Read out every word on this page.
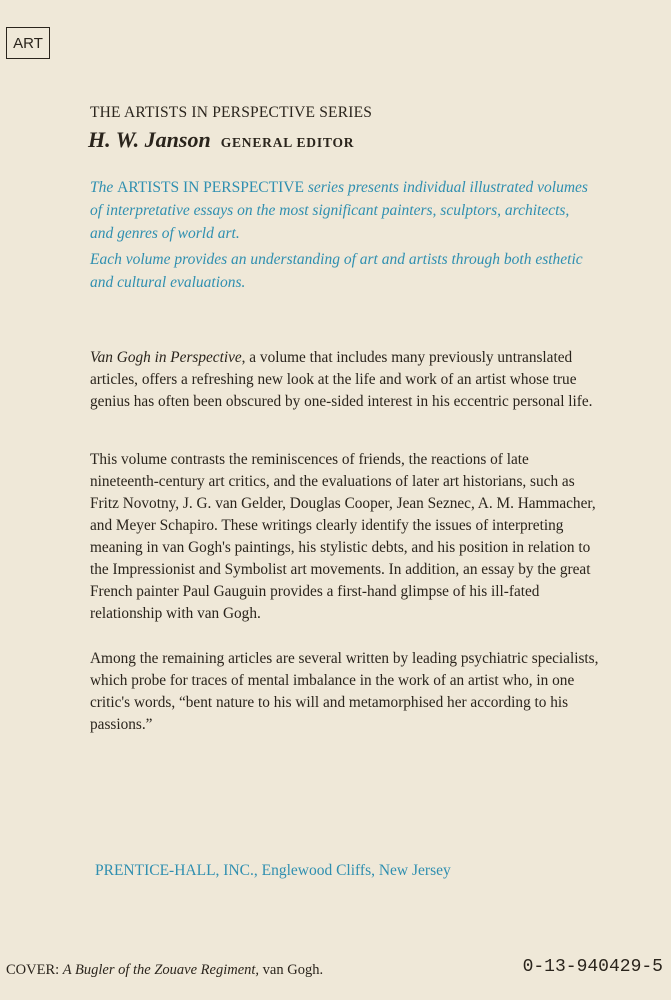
ART
THE ARTISTS IN PERSPECTIVE SERIES
H. W. Janson GENERAL EDITOR
The ARTISTS IN PERSPECTIVE series presents individual illustrated volumes of interpretative essays on the most significant painters, sculptors, architects, and genres of world art.
Each volume provides an understanding of art and artists through both esthetic and cultural evaluations.
Van Gogh in Perspective, a volume that includes many previously untranslated articles, offers a refreshing new look at the life and work of an artist whose true genius has often been obscured by one-sided interest in his eccentric personal life.
This volume contrasts the reminiscences of friends, the reactions of late nineteenth-century art critics, and the evaluations of later art historians, such as Fritz Novotny, J. G. van Gelder, Douglas Cooper, Jean Seznec, A. M. Hammacher, and Meyer Schapiro. These writings clearly identify the issues of interpreting meaning in van Gogh's paintings, his stylistic debts, and his position in relation to the Impressionist and Symbolist art movements. In addition, an essay by the great French painter Paul Gauguin provides a first-hand glimpse of his ill-fated relationship with van Gogh.
Among the remaining articles are several written by leading psychiatric specialists, which probe for traces of mental imbalance in the work of an artist who, in one critic's words, “bent nature to his will and metamorphised her according to his passions.”
PRENTICE-HALL, INC., Englewood Cliffs, New Jersey
COVER: A Bugler of the Zouave Regiment, van Gogh.	0-13-940429-5
